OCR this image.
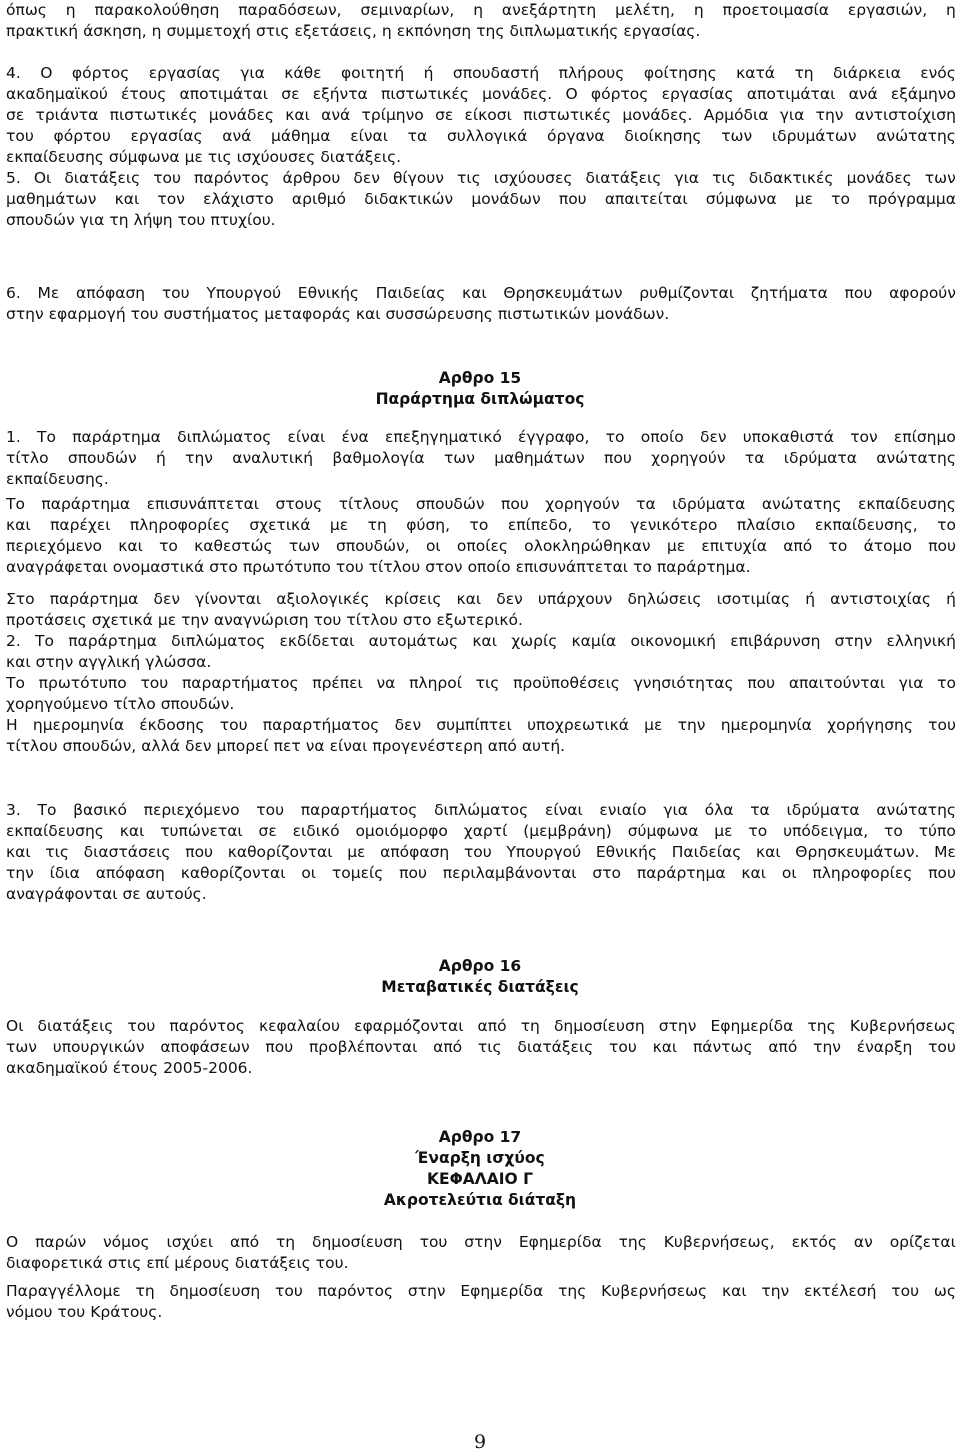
όπως η παρακολούθηση παραδόσεων, σεμιναρίων, η ανεξάρτητη μελέτη, η προετοιμασία εργασιών, η
πρακτική άσκηση, η συμμετοχή στις εξετάσεις, η εκπόνηση της διπλωματικής εργασίας.
4. Ο φόρτος εργασίας για κάθε φοιτητή ή σπουδαστή πλήρους φοίτησης κατά τη διάρκεια ενός
ακαδημαϊκού έτους αποτιμάται σε εξήντα πιστωτικές μονάδες. Ο φόρτος εργασίας αποτιμάται ανά εξάμηνο
σε τριάντα πιστωτικές μονάδες και ανά τρίμηνο σε είκοσι πιστωτικές μονάδες. Αρμόδια για την αντιστοίχιση
του φόρτου εργασίας ανά μάθημα είναι τα συλλογικά όργανα διοίκησης των ιδρυμάτων ανώτατης
εκπαίδευσης σύμφωνα με τις ισχύουσες διατάξεις.
5. Οι διατάξεις του παρόντος άρθρου δεν θίγουν τις ισχύουσες διατάξεις για τις διδακτικές μονάδες των
μαθημάτων και τον ελάχιστο αριθμό διδακτικών μονάδων που απαιτείται σύμφωνα με το πρόγραμμα
σπουδών για τη λήψη του πτυχίου.
6. Με απόφαση του Υπουργού Εθνικής Παιδείας και Θρησκευμάτων ρυθμίζονται ζητήματα που αφορούν
στην εφαρμογή του συστήματος μεταφοράς και συσσώρευσης πιστωτικών μονάδων.
Αρθρο 15
Παράρτημα διπλώματος
1. Το παράρτημα διπλώματος είναι ένα επεξηγηματικό έγγραφο, το οποίο δεν υποκαθιστά τον επίσημο
τίτλο σπουδών ή την αναλυτική βαθμολογία των μαθημάτων που χορηγούν τα ιδρύματα ανώτατης
εκπαίδευσης.
Το παράρτημα επισυνάπτεται στους τίτλους σπουδών που χορηγούν τα ιδρύματα ανώτατης εκπαίδευσης
και παρέχει πληροφορίες σχετικά με τη φύση, το επίπεδο, το γενικότερο πλαίσιο εκπαίδευσης, το
περιεχόμενο και το καθεστώς των σπουδών, οι οποίες ολοκληρώθηκαν με επιτυχία από το άτομο που
αναγράφεται ονομαστικά στο πρωτότυπο του τίτλου στον οποίο επισυνάπτεται το παράρτημα.
Στο παράρτημα δεν γίνονται αξιολογικές κρίσεις και δεν υπάρχουν δηλώσεις ισοτιμίας ή αντιστοιχίας ή
προτάσεις σχετικά με την αναγνώριση του τίτλου στο εξωτερικό.
2. Το παράρτημα διπλώματος εκδίδεται αυτομάτως και χωρίς καμία οικονομική επιβάρυνση στην ελληνική
και στην αγγλική γλώσσα.
Το πρωτότυπο του παραρτήματος πρέπει να πληροί τις προϋποθέσεις γνησιότητας που απαιτούνται για το
χορηγούμενο τίτλο σπουδών.
Η ημερομηνία έκδοσης του παραρτήματος δεν συμπίπτει υποχρεωτικά με την ημερομηνία χορήγησης του
τίτλου σπουδών, αλλά δεν μπορεί πετ να είναι προγενέστερη από αυτή.
3. Το βασικό περιεχόμενο του παραρτήματος διπλώματος είναι ενιαίο για όλα τα ιδρύματα ανώτατης
εκπαίδευσης και τυπώνεται σε ειδικό ομοιόμορφο χαρτί (μεμβράνη) σύμφωνα με το υπόδειγμα, το τύπο
και τις διαστάσεις που καθορίζονται με απόφαση του Υπουργού Εθνικής Παιδείας και Θρησκευμάτων. Με
την ίδια απόφαση καθορίζονται οι τομείς που περιλαμβάνονται στο παράρτημα και οι πληροφορίες που
αναγράφονται σε αυτούς.
Αρθρο 16
Μεταβατικές διατάξεις
Οι διατάξεις του παρόντος κεφαλαίου εφαρμόζονται από τη δημοσίευση στην Εφημερίδα της Κυβερνήσεως
των υπουργικών αποφάσεων που προβλέπονται από τις διατάξεις του και πάντως από την έναρξη του
ακαδημαϊκού έτους 2005-2006.
Αρθρο 17
Έναρξη ισχύος
ΚΕΦΑΛΑΙΟ Γ
Ακροτελεύτια διάταξη
Ο παρών νόμος ισχύει από τη δημοσίευση του στην Εφημερίδα της Κυβερνήσεως, εκτός αν ορίζεται
διαφορετικά στις επί μέρους διατάξεις του.
Παραγγέλλομε τη δημοσίευση του παρόντος στην Εφημερίδα της Κυβερνήσεως και την εκτέλεσή του ως
νόμου του Κράτους.
9
